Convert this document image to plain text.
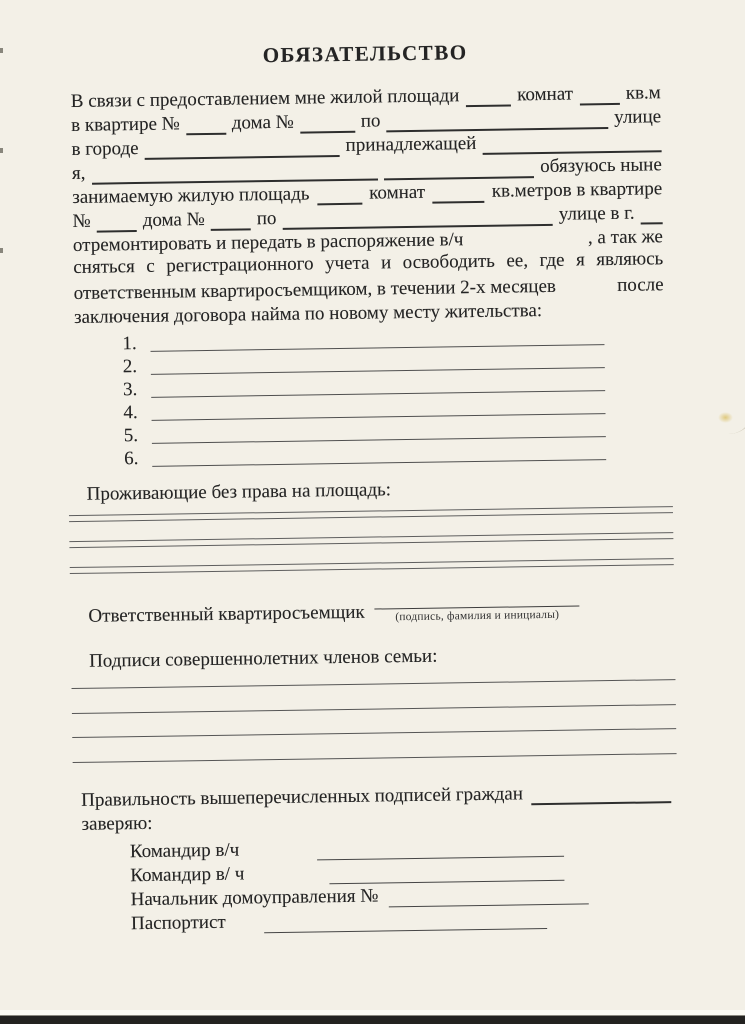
ОБЯЗАТЕЛЬСТВО
В связи с предоставлением мне жилой площади	комнат	кв.м
в квартире №	дома №	по	улице
в городе	принадлежащей
я,	обязуюсь ныне
занимаемую жилую площадь	комнат	кв.метров в квартире
№	дома №	по	улице в г.
отремонтировать и передать в распоряжение в/ч	, а так же
сняться с регистрационного учета и освободить ее, где я являюсь
ответственным квартиросъемщиком, в течении 2-х месяцев	после
заключения договора найма по новому месту жительства:
1.
2.
3.
4.
5.
6.
Проживающие без права на площадь:
Ответственный квартиросъемщик	(подпись, фамилия и инициалы)
Подписи совершеннолетних членов семьи:
Правильность вышеперечисленных подписей граждан
заверяю:
Командир в/ч
Командир в/ ч
Начальник домоуправления №
Паспортист
